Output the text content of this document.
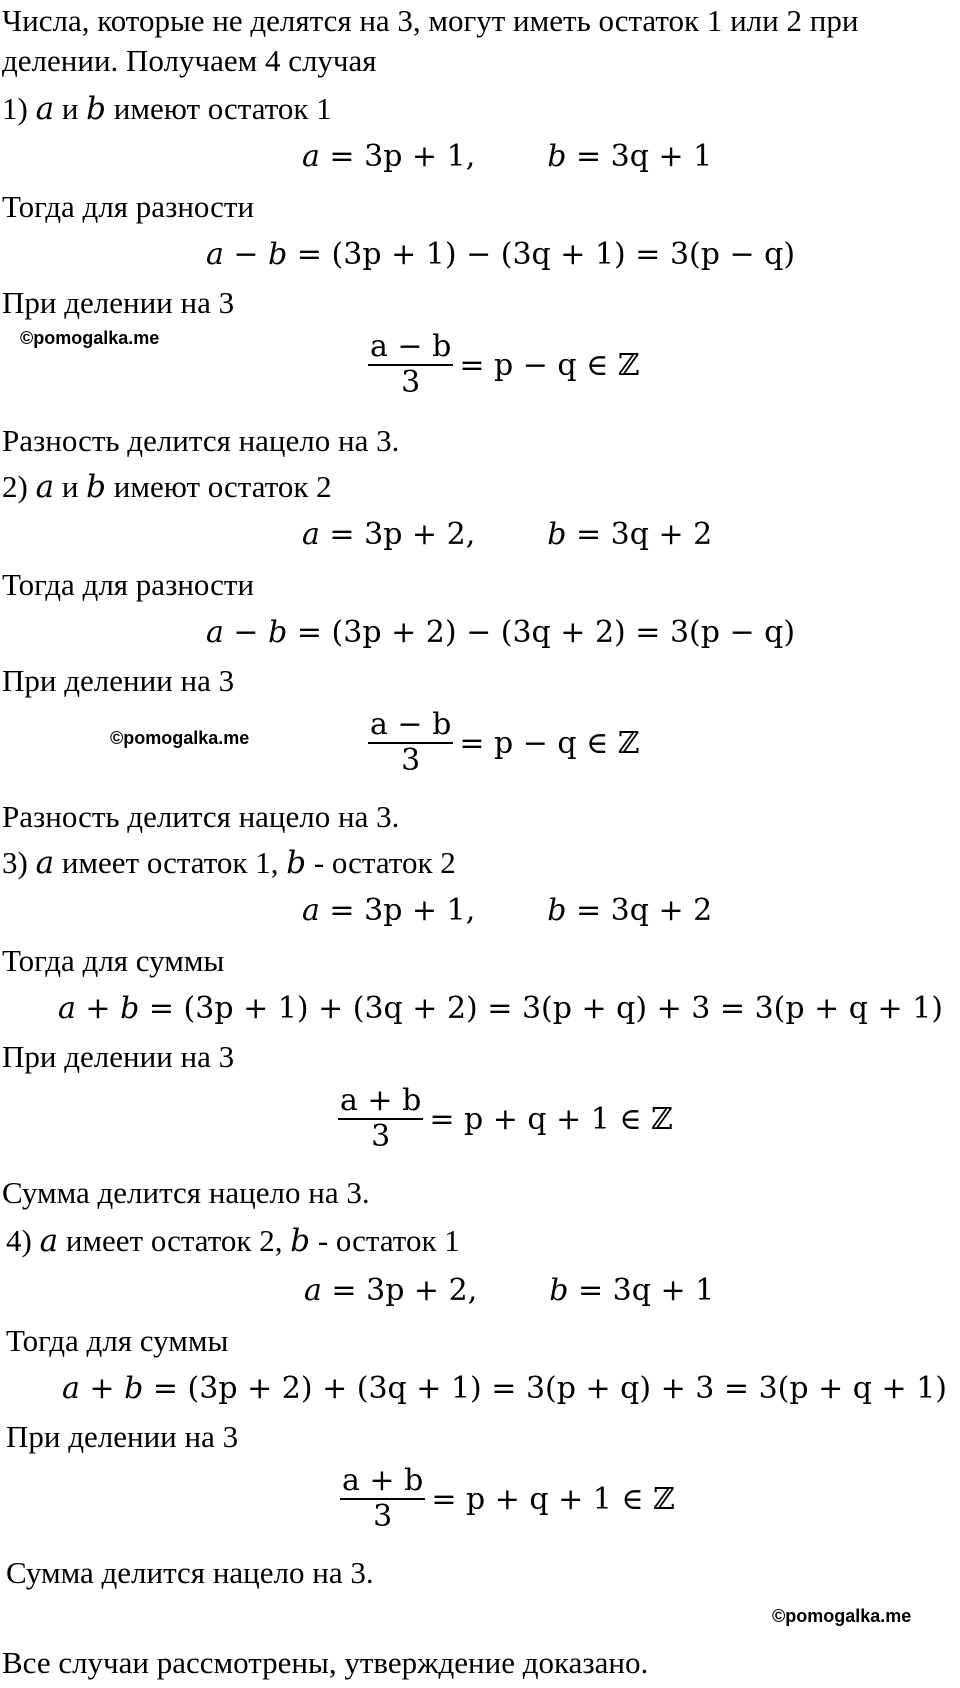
Числа, которые не делятся на 3, могут иметь остаток 1 или 2 при

делении. Получаем 4 случая

1) a и b имеют остаток 1

a = 3p + 1, b = 3q + 1

Тогда для разности

a − b = (3p + 1) − (3q + 1) = 3(p − q)

При делении на 3

©pomogalka.me	$\frac{a - b}{3} = p - q$ ∈ ℤ

Разность делится нацело на 3.

2) a и b имеют остаток 2

a = 3p + 2, b = 3q + 2

Тогда для разности

a − b = (3p + 2) − (3q + 2) = 3(p − q)

При делении на 3

©pomogalka.me	$\frac{a - b}{3} = p - q$ ∈ ℤ

Разность делится нацело на 3.

3) a имеет остаток 1, b - остаток 2

a = 3p + 1, b = 3q + 2

Тогда для суммы

a + b = (3p + 1) + (3q + 2) = 3(p + q) + 3 = 3(p + q + 1)

При делении на 3

$\frac{a + b}{3} = p + q + 1$ ∈ ℤ

Сумма делится нацело на 3.

4) a имеет остаток 2, b - остаток 1

a = 3p + 2, b = 3q + 1

Тогда для суммы

a + b = (3p + 2) + (3q + 1) = 3(p + q) + 3 = 3(p + q + 1)

При делении на 3

$\frac{a + b}{3} = p + q + 1$ ∈ ℤ

Сумма делится нацело на 3.

©pomogalka.me

Все случаи рассмотрены, утверждение доказано.
